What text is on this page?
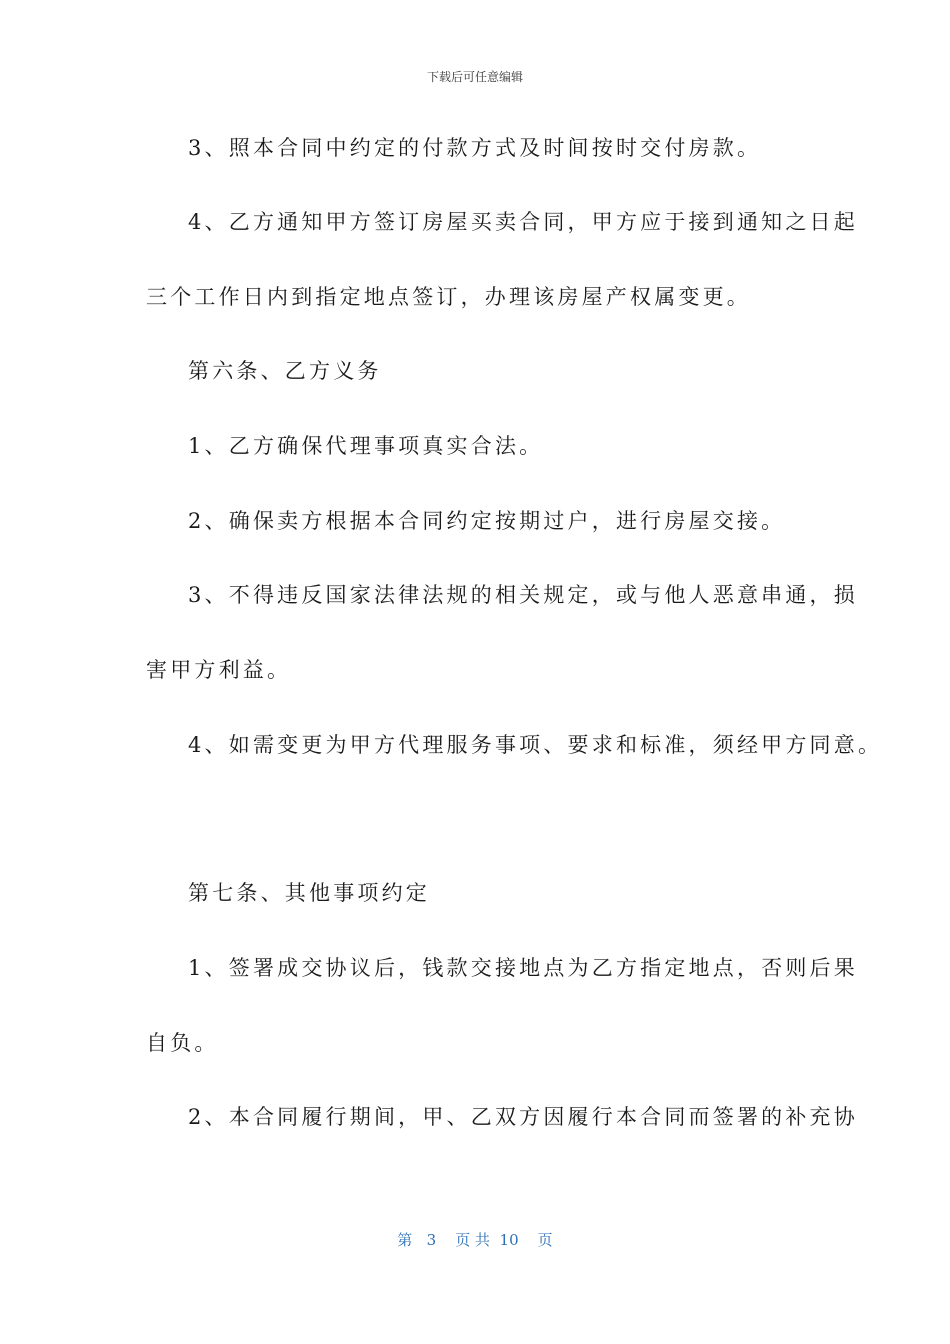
下载后可任意编辑
3、照本合同中约定的付款方式及时间按时交付房款。
4、乙方通知甲方签订房屋买卖合同，甲方应于接到通知之日起
三个工作日内到指定地点签订，办理该房屋产权属变更。
第六条、乙方义务
1、乙方确保代理事项真实合法。
2、确保卖方根据本合同约定按期过户，进行房屋交接。
3、不得违反国家法律法规的相关规定，或与他人恶意串通，损
害甲方利益。
4、如需变更为甲方代理服务事项、要求和标准，须经甲方同意。
第七条、其他事项约定
1、签署成交协议后，钱款交接地点为乙方指定地点，否则后果
自负。
2、本合同履行期间，甲、乙双方因履行本合同而签署的补充协
第   3    页 共  10    页
